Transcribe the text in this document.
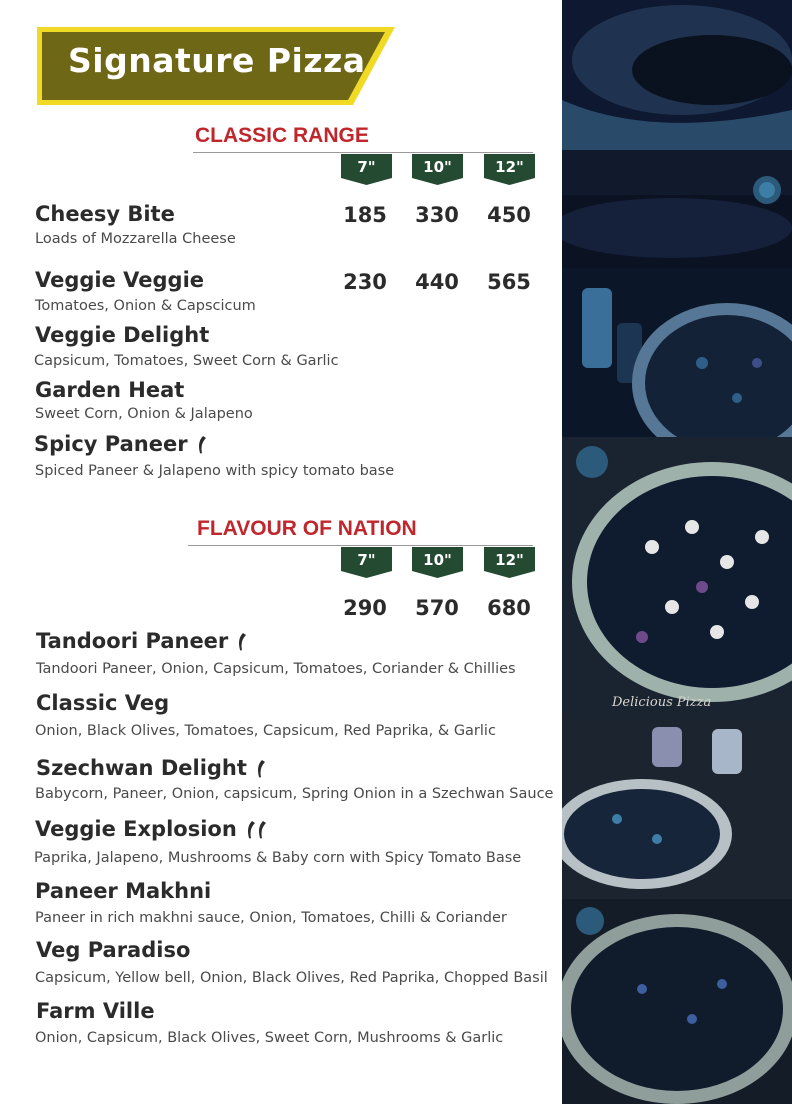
Signature Pizza
CLASSIC RANGE
7"	10"	12"
Cheesy Bite
Loads of Mozzarella Cheese
185	330	450
Veggie Veggie
Tomatoes, Onion & Capscicum
230	440	565
Veggie Delight
Capsicum, Tomatoes, Sweet Corn & Garlic
Garden Heat
Sweet Corn, Onion & Jalapeno
Spicy Paneer
Spiced Paneer & Jalapeno with spicy tomato base
FLAVOUR OF NATION
7"	10"	12"
290	570	680
Tandoori Paneer
Tandoori Paneer, Onion, Capsicum, Tomatoes, Coriander & Chillies
Classic Veg
Onion, Black Olives, Tomatoes, Capsicum, Red Paprika, & Garlic
Szechwan Delight
Babycorn, Paneer, Onion, capsicum, Spring Onion in a Szechwan Sauce
Veggie Explosion
Paprika, Jalapeno, Mushrooms & Baby corn with Spicy Tomato Base
Paneer Makhni
Paneer in rich makhni sauce, Onion, Tomatoes, Chilli & Coriander
Veg Paradiso
Capsicum, Yellow bell, Onion, Black Olives, Red Paprika, Chopped Basil
Farm Ville
Onion, Capsicum, Black Olives, Sweet Corn, Mushrooms & Garlic
Delicious Pizza
